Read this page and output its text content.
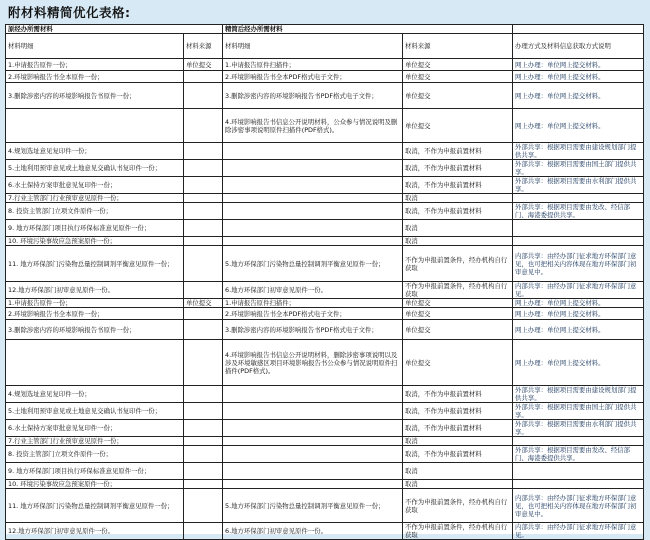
附材料精简优化表格:
原经办所需材料		精简后经办所需材料		
材料明细	材料来源	材料明细	材料来源	办理方式及材料信息获取方式说明
1.申请报告原件一份；	单位提交	1.申请报告原件扫描件；	单位提交	网上办理：单位网上提交材料。
2.环境影响报告书全本原件一份；		2.环境影响报告书全本PDF格式电子文件；	单位提交	网上办理：单位网上提交材料。
3.删除涉密内容的环境影响报告书原件一份；		3.删除涉密内容的环境影响报告书PDF格式电子文件；	单位提交	网上办理：单位网上提交材料。
		4.环境影响报告书信息公开说明材料，公众参与情况说明及删除涉密事项说明原件扫描件(PDF格式)。	单位提交	网上办理：单位网上提交材料。
4.规划选址意见复印件一份；			取消，不作为申报前置材料	外部共享：根据项目需要由建设规划部门提供共享。
5.土地利用预审意见或土地意见交确认书复印件一份；			取消，不作为申报前置材料	外部共享：根据项目需要由国土部门提供共享。
6.水土保持方案审批意见复印件一份；			取消，不作为申报前置材料	外部共享：根据项目需要由水利部门提供共享。
7.行业主管部门行业预审意见原件一份；			取消	
8. 投资主管部门立项文件原件一份；			取消，不作为申报前置材料	外部共享：根据项目需要由发改、经信部门、海港委提供共享。
9. 地方环保部门项目执行环保标准意见原件一份；			取消	
10. 环境污染事故应急预案原件一份；			取消	
11. 地方环保部门污染物总量控制调剂平衡意见原件一份；		5.地方环保部门污染物总量控制调剂平衡意见原件一份；	不作为申报前置条件，经办机构自行获取	内部共享：由经办部门征求地方环保部门意见，也可把相关内容体现在地方环保部门初审意见中。
12.地方环保部门初审意见原件一份。		6.地方环保部门初审意见原件一份。	不作为申报前置条件，经办机构自行获取	内部共享：由经办部门征求地方环保部门意见。
1.申请报告原件一份；	单位提交	1.申请报告原件扫描件；	单位提交	网上办理：单位网上提交材料。
2.环境影响报告书全本原件一份；		2.环境影响报告书全本PDF格式电子文件；	单位提交	网上办理：单位网上提交材料。
3.删除涉密内容的环境影响报告书原件一份；		3.删除涉密内容的环境影响报告书PDF格式电子文件；	单位提交	网上办理：单位网上提交材料。
		4.环境影响报告书信息公开说明材料，删除涉密事项说明以及涉及环境敏感区项目环境影响报告书公众参与情况说明原件扫描件(PDF格式)。	单位提交	网上办理：单位网上提交材料。
4.规划选址意见复印件一份；			取消，不作为申报前置材料	外部共享：根据项目需要由建设规划部门提供共享。
5.土地利用预审意见或土地意见交确认书复印件一份；			取消，不作为申报前置材料	外部共享：根据项目需要由国土部门提供共享。
6.水土保持方案审批意见复印件一份；			取消，不作为申报前置材料	外部共享：根据项目需要由水利部门提供共享。
7.行业主管部门行业预审意见原件一份；			取消	
8. 投资主管部门立项文件原件一份；			取消，不作为申报前置材料	外部共享：根据项目需要由发改、经信部门、海港委提供共享。
9. 地方环保部门项目执行环保标准意见原件一份；			取消	
10. 环境污染事故应急预案原件一份；			取消	
11. 地方环保部门污染物总量控制调剂平衡意见原件一份；		5.地方环保部门污染物总量控制调剂平衡意见原件一份；	不作为申报前置条件，经办机构自行获取	内部共享：由经办部门征求地方环保部门意见，也可把相关内容体现在地方环保部门初审意见中。
12.地方环保部门初审意见原件一份。		6.地方环保部门初审意见原件一份。	不作为申报前置条件，经办机构自行获取	内部共享：由经办部门征求地方环保部门意见。
